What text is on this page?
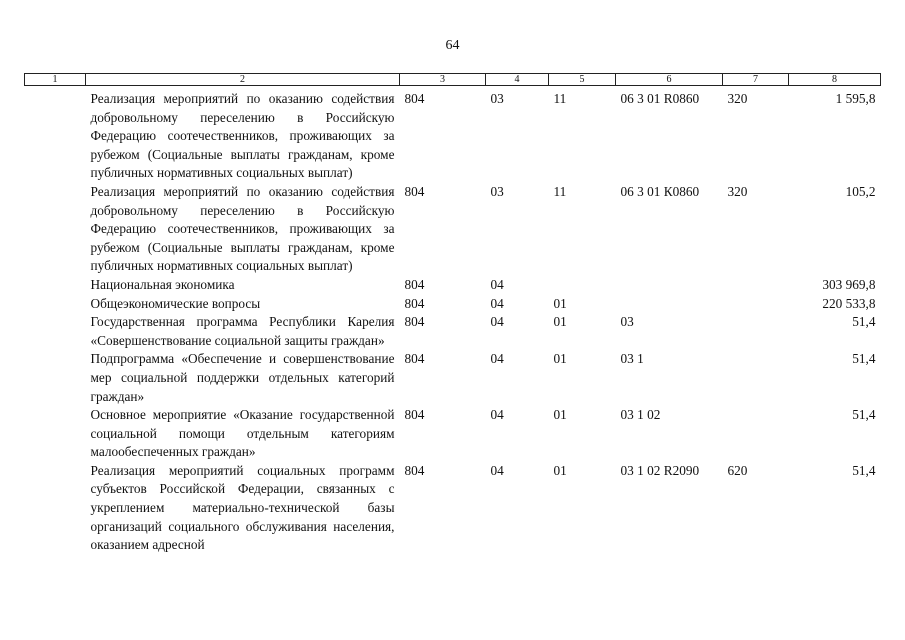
64
1	2	3	4	5	6	7	8
	Реализация мероприятий по оказанию содействия добровольному переселению в Российскую Федерацию соотечественников, проживающих за рубежом (Социальные выплаты гражданам, кроме публичных нормативных социальных выплат)	804	03	11	06 3 01 R0860	320	1 595,8
	Реализация мероприятий по оказанию содействия добровольному переселению в Российскую Федерацию соотечественников, проживающих за рубежом (Социальные выплаты гражданам, кроме публичных нормативных социальных выплат)	804	03	11	06 3 01 К0860	320	105,2
	Национальная экономика	804	04				303 969,8
	Общеэкономические вопросы	804	04	01			220 533,8
	Государственная программа Республики Карелия «Совершенствование социальной защиты граждан»	804	04	01	03		51,4
	Подпрограмма «Обеспечение и совершенствование мер социальной поддержки отдельных категорий граждан»	804	04	01	03 1		51,4
	Основное мероприятие «Оказание государственной социальной помощи отдельным категориям малообеспеченных граждан»	804	04	01	03 1 02		51,4
	Реализация мероприятий социальных программ субъектов Российской Федерации, связанных с укреплением материально-технической базы организаций социального обслуживания населения, оказанием адресной	804	04	01	03 1 02 R2090	620	51,4
